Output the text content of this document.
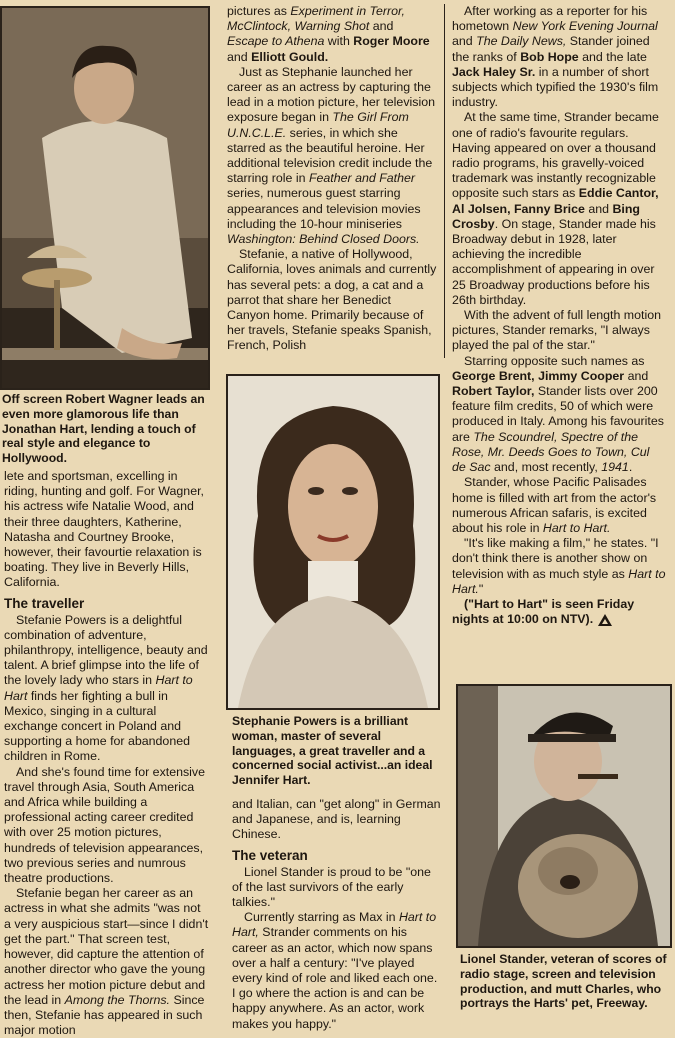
Off screen Robert Wagner leads an even more glamorous life than Jonathan Hart, lending a touch of real style and elegance to Hollywood.

lete and sportsman, excelling in riding, hunting and golf. For Wagner, his actress wife Natalie Wood, and their three daughters, Katherine, Natasha and Courtney Brooke, however, their favourtie relaxation is boating. They live in Beverly Hills, California.

The traveller

Stefanie Powers is a delightful combination of adventure, philanthropy, intelligence, beauty and talent. A brief glimpse into the life of the lovely lady who stars in Hart to Hart finds her fighting a bull in Mexico, singing in a cultural exchange concert in Poland and supporting a home for abandoned children in Rome.

And she's found time for extensive travel through Asia, South America and Africa while building a professional acting career credited with over 25 motion pictures, hundreds of television appearances, two previous series and numrous theatre productions.

Stefanie began her career as an actress in what she admits "was not a very auspicious start—since I didn't get the part." That screen test, however, did capture the attention of another director who gave the young actress her motion picture debut and the lead in Among the Thorns. Since then, Stefanie has appeared in such major motion

pictures as Experiment in Terror, McClintock, Warning Shot and Escape to Athena with Roger Moore and Elliott Gould.

Just as Stephanie launched her career as an actress by capturing the lead in a motion picture, her television exposure began in The Girl From U.N.C.L.E. series, in which she starred as the beautiful heroine. Her additional television credit include the starring role in Feather and Father series, numerous guest starring appearances and television movies including the 10-hour miniseries Washington: Behind Closed Doors.

Stefanie, a native of Hollywood, California, loves animals and currently has several pets: a dog, a cat and a parrot that share her Benedict Canyon home. Primarily because of her travels, Stefanie speaks Spanish, French, Polish

Stephanie Powers is a brilliant woman, master of several languages, a great traveller and a concerned social activist...an ideal Jennifer Hart.

and Italian, can "get along" in German and Japanese, and is, learning Chinese.

The veteran

Lionel Stander is proud to be "one of the last survivors of the early talkies."

Currently starring as Max in Hart to Hart, Strander comments on his career as an actor, which now spans over a half a century: "I've played every kind of role and liked each one. I go where the action is and can be happy anywhere. As an actor, work makes you happy."

After working as a reporter for his hometown New York Evening Journal and The Daily News, Stander joined the ranks of Bob Hope and the late Jack Haley Sr. in a number of short subjects which typified the 1930's film industry.

At the same time, Strander became one of radio's favourite regulars. Having appeared on over a thousand radio programs, his gravelly-voiced trademark was instantly recognizable opposite such stars as Eddie Cantor, Al Jolsen, Fanny Brice and Bing Crosby. On stage, Stander made his Broadway debut in 1928, later achieving the incredible accomplishment of appearing in over 25 Broadway productions before his 26th birthday.

With the advent of full length motion pictures, Stander remarks, "I always played the pal of the star."

Starring opposite such names as George Brent, Jimmy Cooper and Robert Taylor, Stander lists over 200 feature film credits, 50 of which were produced in Italy. Among his favourites are The Scoundrel, Spectre of the Rose, Mr. Deeds Goes to Town, Cul de Sac and, most recently, 1941.

Stander, whose Pacific Palisades home is filled with art from the actor's numerous African safaris, is excited about his role in Hart to Hart.

"It's like making a film," he states. "I don't think there is another show on television with as much style as Hart to Hart."

("Hart to Hart" is seen Friday nights at 10:00 on NTV).

Lionel Stander, veteran of scores of radio stage, screen and television production, and mutt Charles, who portrays the Harts' pet, Freeway.
